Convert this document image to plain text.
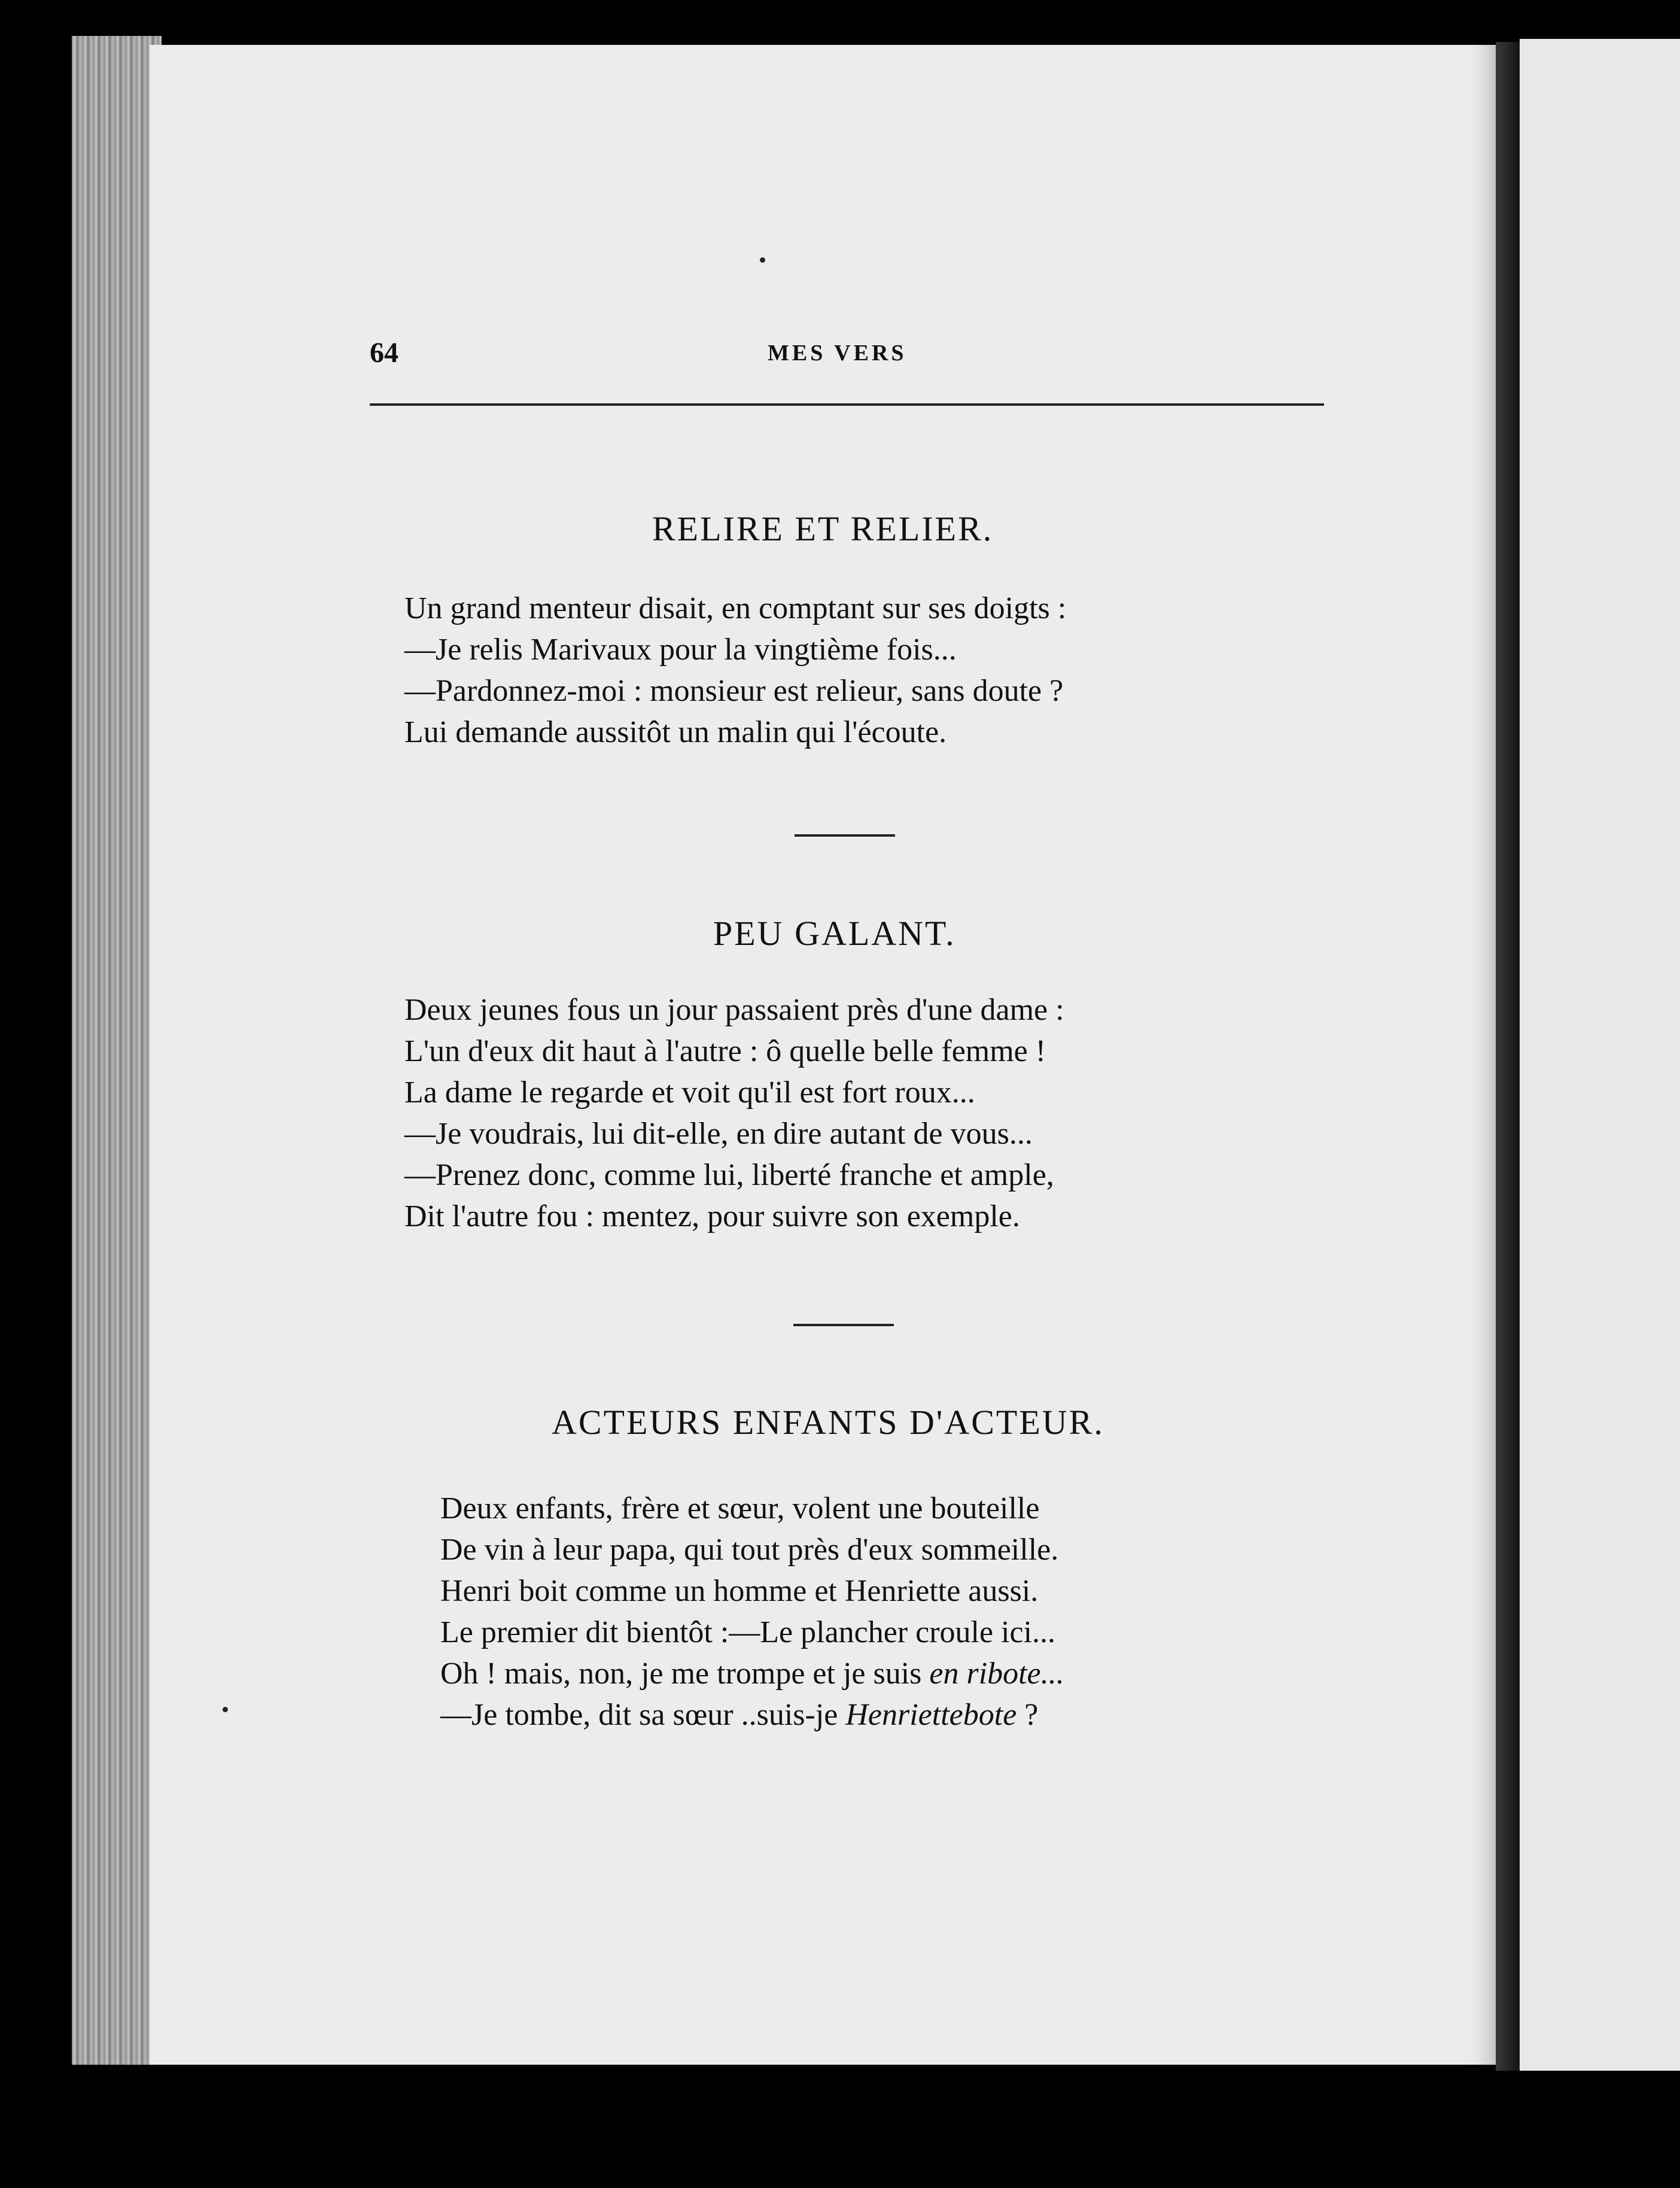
64	MES VERS
RELIRE ET RELIER.
Un grand menteur disait, en comptant sur ses doigts :
—Je relis Marivaux pour la vingtième fois...
—Pardonnez-moi : monsieur est relieur, sans doute ?
Lui demande aussitôt un malin qui l'écoute.
PEU GALANT.
Deux jeunes fous un jour passaient près d'une dame :
L'un d'eux dit haut à l'autre : ô quelle belle femme !
La dame le regarde et voit qu'il est fort roux...
—Je voudrais, lui dit-elle, en dire autant de vous...
—Prenez donc, comme lui, liberté franche et ample,
Dit l'autre fou : mentez, pour suivre son exemple.
ACTEURS ENFANTS D'ACTEUR.
Deux enfants, frère et sœur, volent une bouteille
De vin à leur papa, qui tout près d'eux sommeille.
Henri boit comme un homme et Henriette aussi.
Le premier dit bientôt :—Le plancher croule ici...
Oh ! mais, non, je me trompe et je suis en ribote...
—Je tombe, dit sa sœur ..suis-je Henriettebote ?
